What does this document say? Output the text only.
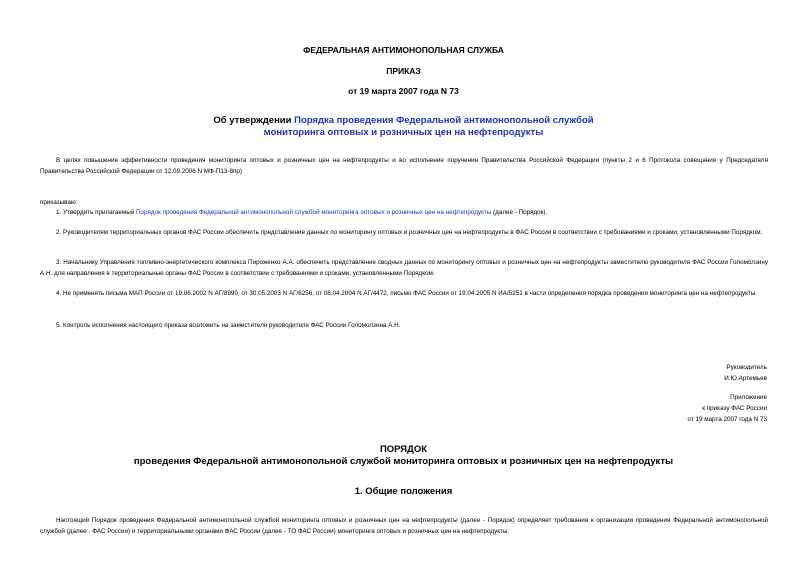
ФЕДЕРАЛЬНАЯ АНТИМОНОПОЛЬНАЯ СЛУЖБА
ПРИКАЗ
от 19 марта 2007 года N 73
Об утверждении Порядка проведения Федеральной антимонопольной службой
мониторинга оптовых и розничных цен на нефтепродукты
В целях повышения эффективности проведения мониторинга оптовых и розничных цен на нефтепродукты и во исполнение поручения Правительства Российской Федерации (пункты 2 и 6 Протокола совещания у Председателя Правительства Российской Федерации от 12.09.2006 N МФ-П13-8пр)
приказываю:
1. Утвердить прилагаемый Порядок проведения Федеральной антимонопольной службой мониторинга оптовых и розничных цен на нефтепродукты (далее - Порядок).
2. Руководителям территориальных органов ФАС России обеспечить представление данных по мониторингу оптовых и розничных цен на нефтепродукты в ФАС России в соответствии с требованиями и сроками, установленными Порядком.
3. Начальнику Управления топливно-энергетического комплекса Пироженко А.А. обеспечить представление сводных данных по мониторингу оптовых и розничных цен на нефтепродукты заместителю руководителя ФАС России Голомолзину А.Н. для направления в территориальные органы ФАС России в соответствии с требованиями и сроками, установленными Порядком.
4. Не применять письма МАП России от 19.06.2002 N АГ/8990, от 30.05.2003 N АГ/6256, от 08.04.2004 N АГ/4472, письмо ФАС России от 19.04.2005 N ИА/5251 в части определения порядка проведения мониторинга цен на нефтепродукты.
5. Контроль исполнения настоящего приказа возложить на заместителя руководителя ФАС России Голомолзина А.Н.
Руководитель
И.Ю.Артемьев
Приложение
к приказу ФАС России
от 19 марта 2007 года N 73
ПОРЯДОК
проведения Федеральной антимонопольной службой мониторинга оптовых и розничных цен на нефтепродукты
1. Общие положения
Настоящий Порядок проведения Федеральной антимонопольной службой мониторинга оптовых и розничных цен на нефтепродукты (далее - Порядок) определяет требования к организации проведения Федеральной антимонопольной службой (далее - ФАС России) и территориальными органами ФАС России (далее - ТО ФАС России) мониторинга оптовых и розничных цен на нефтепродукты.
